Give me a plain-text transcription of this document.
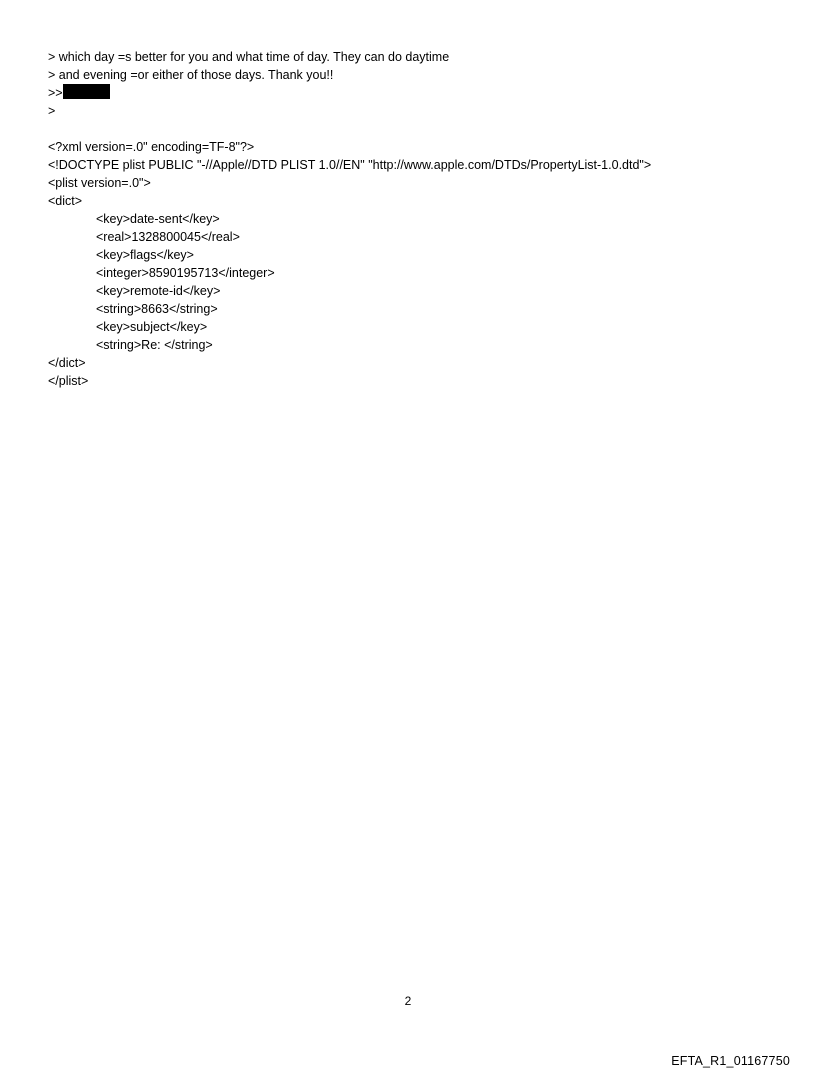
> which day =s better for you and what time of day. They can do daytime
> and evening =or either of those days. Thank you!!
>>
>
<?xml version=.0" encoding=TF-8"?>
<!DOCTYPE plist PUBLIC "-//Apple//DTD PLIST 1.0//EN" "http://www.apple.com/DTDs/PropertyList-1.0.dtd">
<plist version=.0">
<dict>
<key>date-sent</key>
<real>1328800045</real>
<key>flags</key>
<integer>8590195713</integer>
<key>remote-id</key>
<string>8663</string>
<key>subject</key>
<string>Re: </string>
</dict>
</plist>
2
EFTA_R1_01167750
